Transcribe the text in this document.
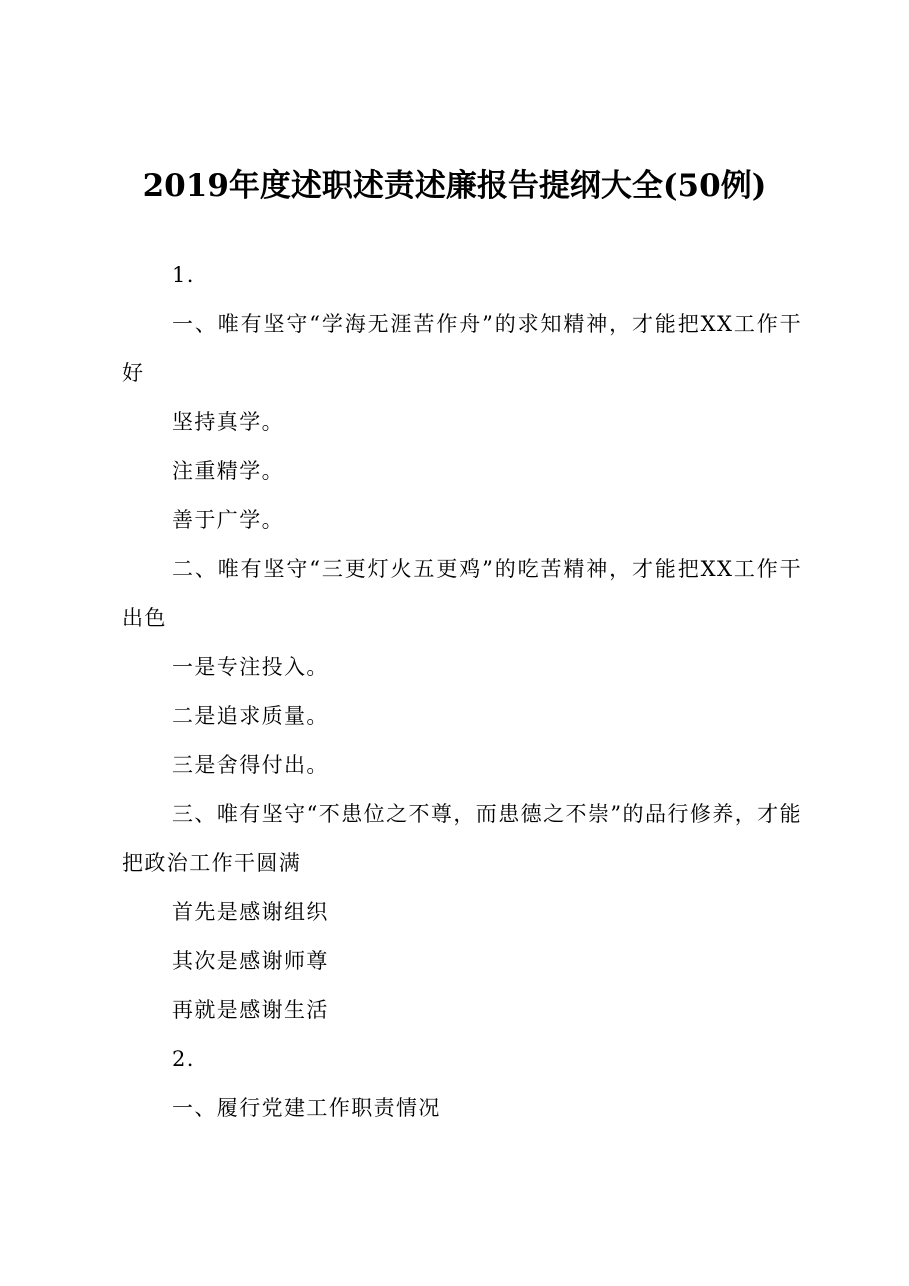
2019年度述职述责述廉报告提纲大全(50例)

1.

一、唯有坚守“学海无涯苦作舟”的求知精神，才能把XX工作干好

坚持真学。

注重精学。

善于广学。

二、唯有坚守“三更灯火五更鸡”的吃苦精神，才能把XX工作干出色

一是专注投入。

二是追求质量。

三是舍得付出。

三、唯有坚守“不患位之不尊，而患德之不崇”的品行修养，才能把政治工作干圆满

首先是感谢组织

其次是感谢师尊

再就是感谢生活

2.

一、履行党建工作职责情况
